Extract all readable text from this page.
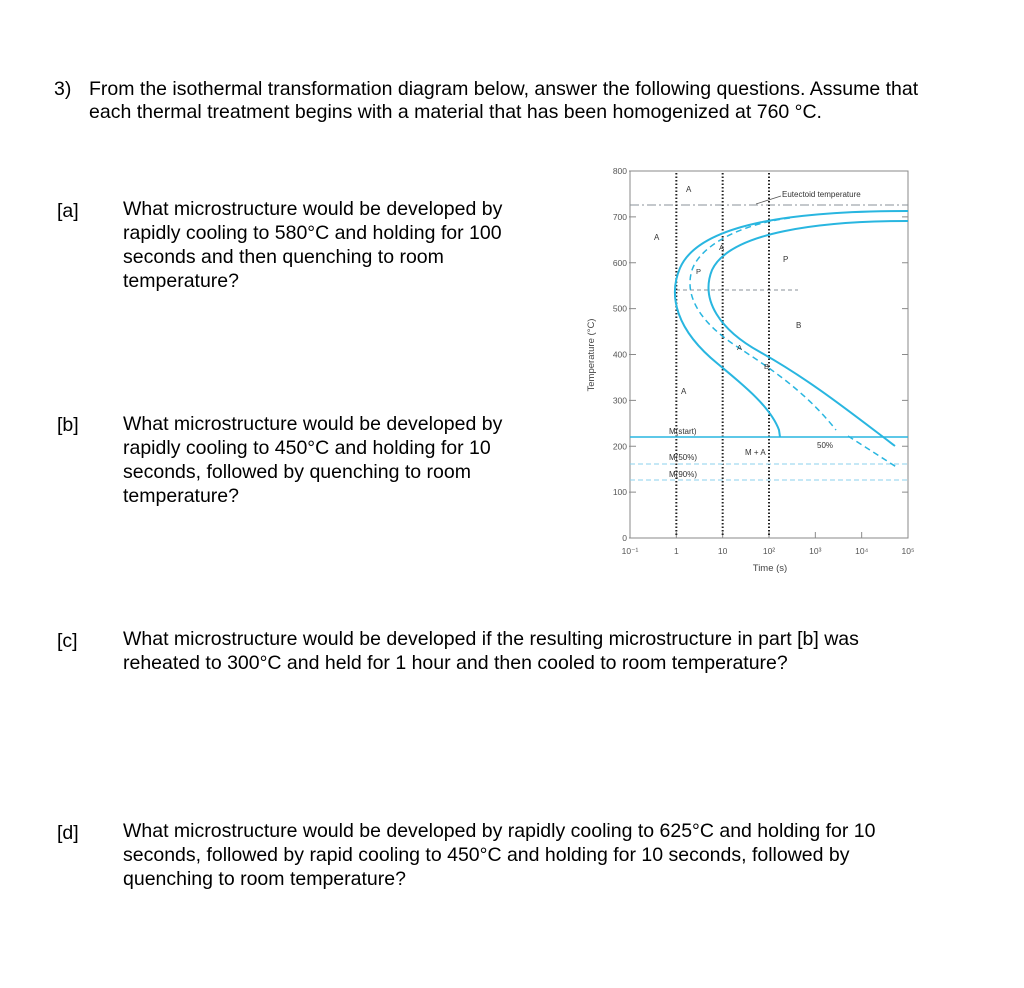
3) From the isothermal transformation diagram below, answer the following questions. Assume that each thermal treatment begins with a material that has been homogenized at 760 °C.
[a] What microstructure would be developed by rapidly cooling to 580°C and holding for 100 seconds and then quenching to room temperature?
[b] What microstructure would be developed by rapidly cooling to 450°C and holding for 10 seconds, followed by quenching to room temperature?
[c] What microstructure would be developed if the resulting microstructure in part [b] was reheated to 300°C and held for 1 hour and then cooled to room temperature?
[d] What microstructure would be developed by rapidly cooling to 625°C and holding for 10 seconds, followed by rapid cooling to 450°C and holding for 10 seconds, followed by quenching to room temperature?
800
700
600
500
400
300
200
100
0
10⁻¹	1	10	10²	10³	10⁴	10⁵
Temperature (°C)
Time (s)
Eutectoid temperature
A
A
A
P
P
A
B
A
B
M + A
50%
M(start)
M(50%)
M(90%)
